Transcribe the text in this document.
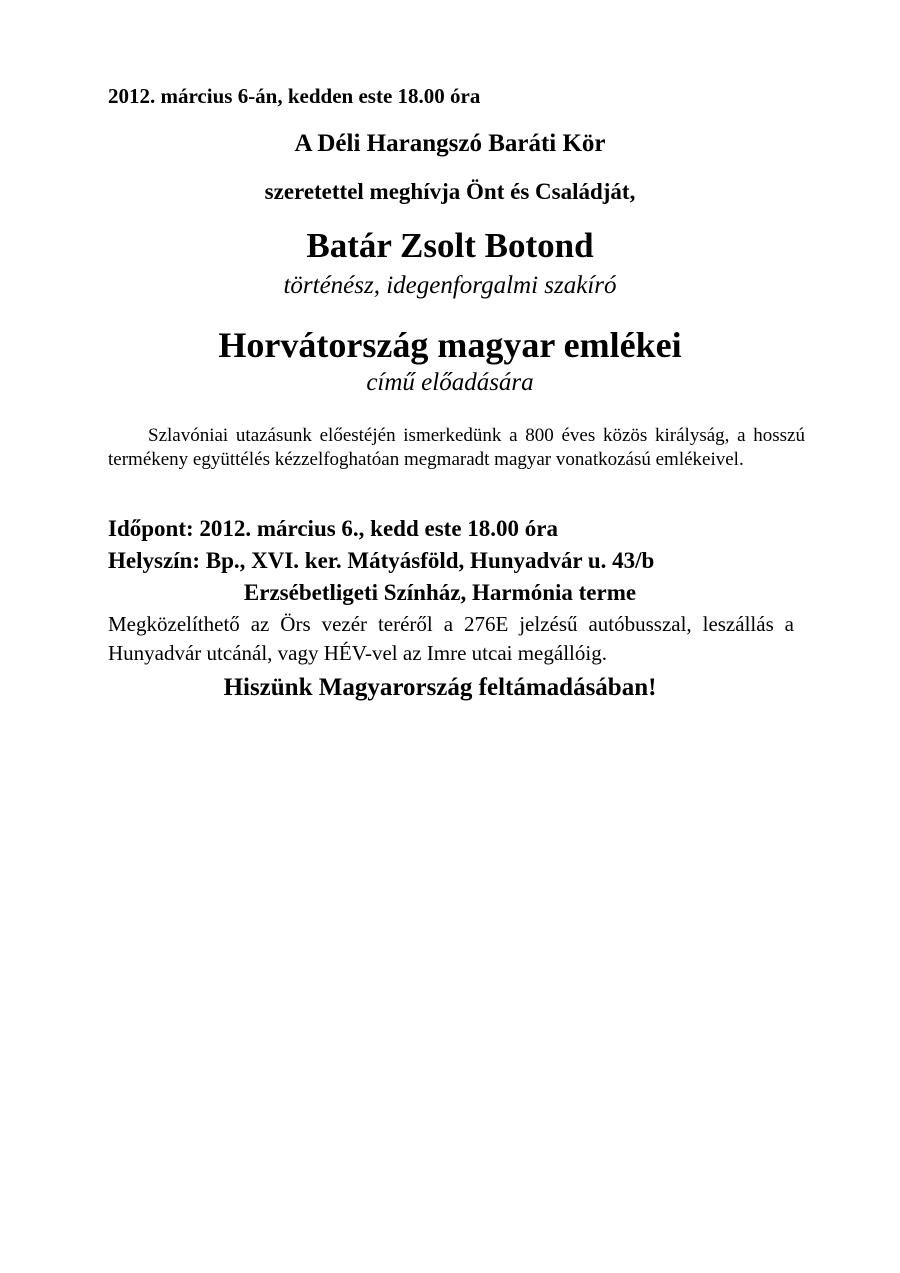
2012. március 6-án, kedden este 18.00 óra
A Déli Harangszó Baráti Kör
szeretettel meghívja Önt és Családját,
Batár Zsolt Botond
történész, idegenforgalmi szakíró
Horvátország magyar emlékei
című előadására
Szlavóniai utazásunk előestéjén ismerkedünk a 800 éves közös királyság, a hosszú termékeny együttélés kézzelfoghatóan megmaradt magyar vonatkozású emlékeivel.
Időpont: 2012. március 6., kedd este 18.00 óra
Helyszín: Bp., XVI. ker. Mátyásföld, Hunyadvár u. 43/b
Erzsébetligeti Színház, Harmónia terme
Megközelíthető az Örs vezér teréről a 276E jelzésű autóbusszal, leszállás a Hunyadvár utcánál, vagy HÉV-vel az Imre utcai megállóig.
Hiszünk Magyarország feltámadásában!
